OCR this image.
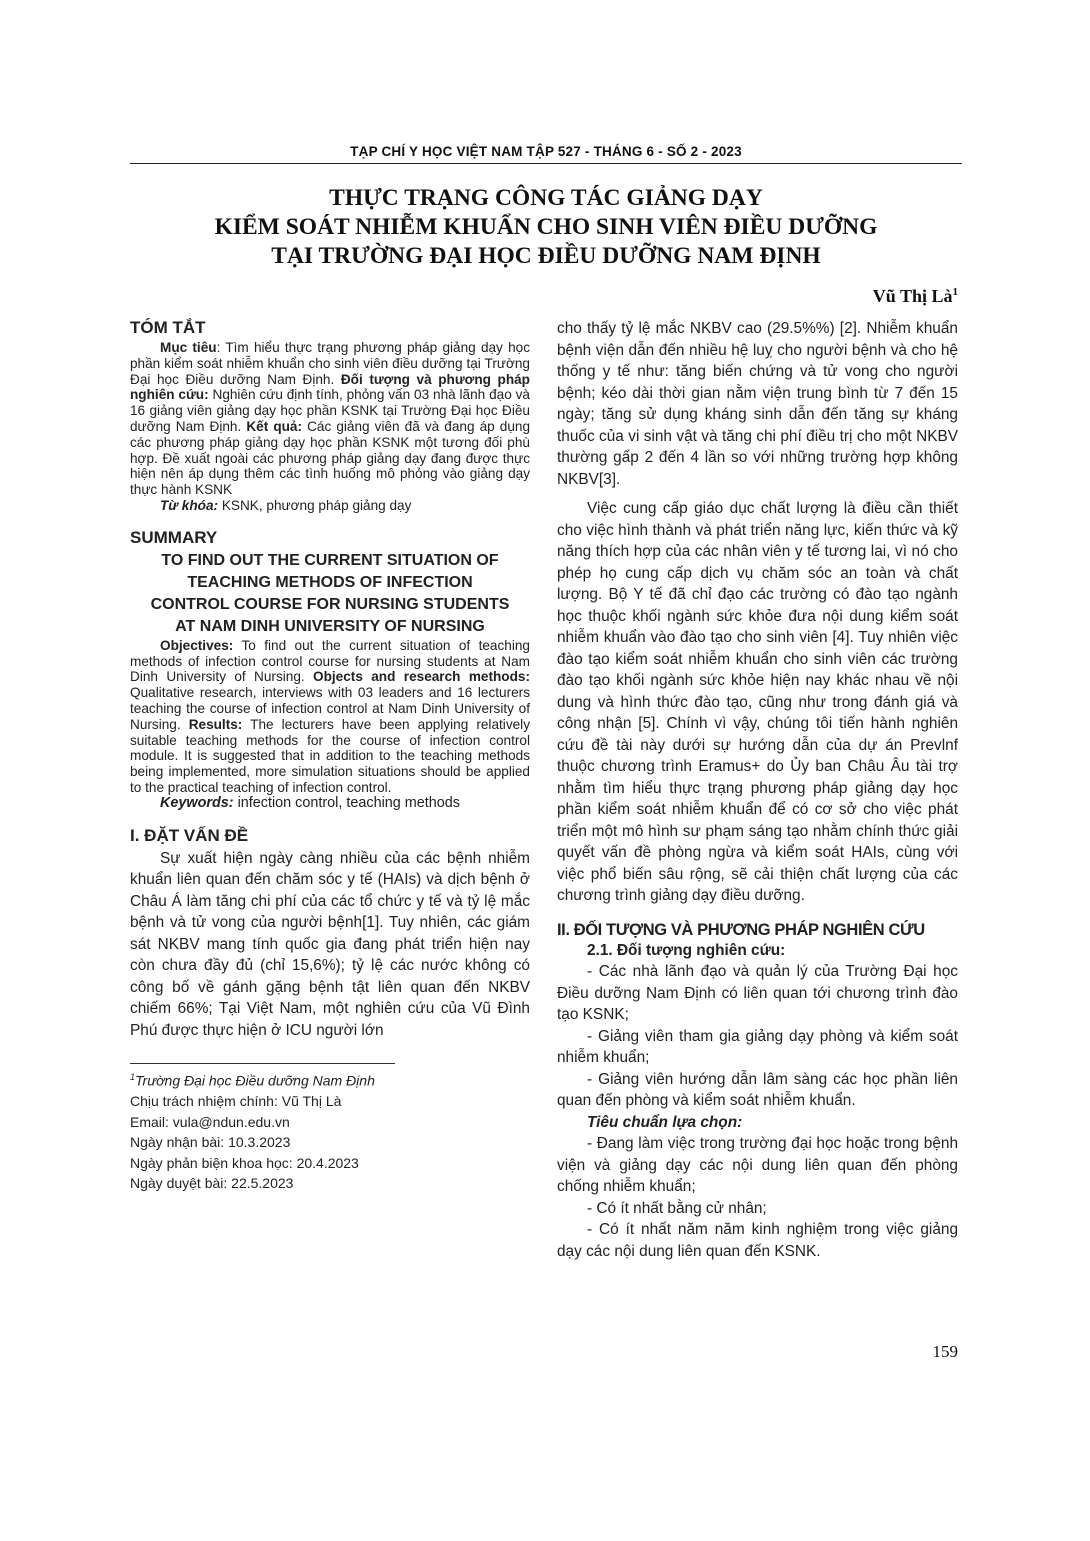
TẠP CHÍ Y HỌC VIỆT NAM TẬP 527 - THÁNG 6 - SỐ 2 - 2023
THỰC TRẠNG CÔNG TÁC GIẢNG DẠY
KIỂM SOÁT NHIỄM KHUẨN CHO SINH VIÊN ĐIỀU DƯỠNG
TẠI TRƯỜNG ĐẠI HỌC ĐIỀU DƯỠNG NAM ĐỊNH
Vũ Thị $Là^1$
TÓM TẮT

Mục tiêu: Tìm hiểu thực trạng phương pháp giảng dạy học phần kiểm soát nhiễm khuẩn cho sinh viên điều dưỡng tại Trường Đại học Điều dưỡng Nam Định. Đối tượng và phương pháp nghiên cứu: Nghiên cứu định tính, phỏng vấn 03 nhà lãnh đạo và 16 giảng viên giảng dạy học phần KSNK tại Trường Đại học Điều dưỡng Nam Định. Kết quả: Các giảng viên đã và đang áp dụng các phương pháp giảng dạy học phần KSNK một tương đối phù hợp. Đề xuất ngoài các phương pháp giảng dạy đang được thực hiện nên áp dụng thêm các tình huống mô phỏng vào giảng dạy thực hành KSNK

Từ khóa: KSNK, phương pháp giảng dạy

SUMMARY

TO FIND OUT THE CURRENT SITUATION OF

TEACHING METHODS OF INFECTION

CONTROL COURSE FOR NURSING STUDENTS

AT NAM DINH UNIVERSITY OF NURSING

Objectives: To find out the current situation of teaching methods of infection control course for nursing students at Nam Dinh University of Nursing. Objects and research methods: Qualitative research, interviews with 03 leaders and 16 lecturers teaching the course of infection control at Nam Dinh University of Nursing. Results: The lecturers have been applying relatively suitable teaching methods for the course of infection control module. It is suggested that in addition to the teaching methods being implemented, more simulation situations should be applied to the practical teaching of infection control.

Keywords: infection control, teaching methods

I. ĐẶT VẤN ĐỀ

Sự xuất hiện ngày càng nhiều của các bệnh nhiễm khuẩn liên quan đến chăm sóc y tế (HAIs) và dịch bệnh ở Châu Á làm tăng chi phí của các tổ chức y tế và tỷ lệ mắc bệnh và tử vong của người bệnh[1]. Tuy nhiên, các giám sát NKBV mang tính quốc gia đang phát triển hiện nay còn chưa đầy đủ (chỉ 15,6%); tỷ lệ các nước không có công bố về gánh gặng bệnh tật liên quan đến NKBV chiếm 66%; Tại Việt Nam, một nghiên cứu của Vũ Đình Phú được thực hiện ở ICU người lớn

$^1$Trường Đại học Điều dưỡng Nam Định

Chịu trách nhiệm chính: Vũ Thị Là

Email: vula@ndun.edu.vn

Ngày nhận bài: 10.3.2023

Ngày phản biện khoa học: 20.4.2023

Ngày duyệt bài: 22.5.2023

cho thấy tỷ lệ mắc NKBV cao (29.5%%) [2]. Nhiễm khuẩn bệnh viện dẫn đến nhiều hệ luỵ cho người bệnh và cho hệ thống y tế như: tăng biến chứng và tử vong cho người bệnh; kéo dài thời gian nằm viện trung bình từ 7 đến 15 ngày; tăng sử dụng kháng sinh dẫn đến tăng sự kháng thuốc của vi sinh vật và tăng chi phí điều trị cho một NKBV thường gấp 2 đến 4 lần so với những trường hợp không NKBV[3].

Việc cung cấp giáo dục chất lượng là điều cần thiết cho việc hình thành và phát triển năng lực, kiến thức và kỹ năng thích hợp của các nhân viên y tế tương lai, vì nó cho phép họ cung cấp dịch vụ chăm sóc an toàn và chất lượng. Bộ Y tế đã chỉ đạo các trường có đào tạo ngành học thuộc khối ngành sức khỏe đưa nội dung kiểm soát nhiễm khuẩn vào đào tạo cho sinh viên [4]. Tuy nhiên việc đào tạo kiểm soát nhiễm khuẩn cho sinh viên các trường đào tạo khối ngành sức khỏe hiện nay khác nhau về nội dung và hình thức đào tạo, cũng như trong đánh giá và công nhận [5]. Chính vì vậy, chúng tôi tiến hành nghiên cứu đề tài này dưới sự hướng dẫn của dự án Prevlnf thuộc chương trình Eramus+ do Ủy ban Châu Âu tài trợ nhằm tìm hiểu thực trạng phương pháp giảng dạy học phần kiểm soát nhiễm khuẩn để có cơ sở cho việc phát triển một mô hình sư phạm sáng tạo nhằm chính thức giải quyết vấn đề phòng ngừa và kiểm soát HAIs, cùng với việc phổ biến sâu rộng, sẽ cải thiện chất lượng của các chương trình giảng dạy điều dưỡng.

II. ĐỐI TƯỢNG VÀ PHƯƠNG PHÁP NGHIÊN CỨU

2.1. Đối tượng nghiên cứu:

- Các nhà lãnh đạo và quản lý của Trường Đại học Điều dưỡng Nam Định có liên quan tới chương trình đào tạo KSNK;

- Giảng viên tham gia giảng dạy phòng và kiểm soát nhiễm khuẩn;

- Giảng viên hướng dẫn lâm sàng các học phần liên quan đến phòng và kiểm soát nhiễm khuẩn.

Tiêu chuẩn lựa chọn:

- Đang làm việc trong trường đại học hoặc trong bệnh viện và giảng dạy các nội dung liên quan đến phòng chống nhiễm khuẩn;

- Có ít nhất bằng cử nhân;

- Có ít nhất năm năm kinh nghiệm trong việc giảng dạy các nội dung liên quan đến KSNK.

159
